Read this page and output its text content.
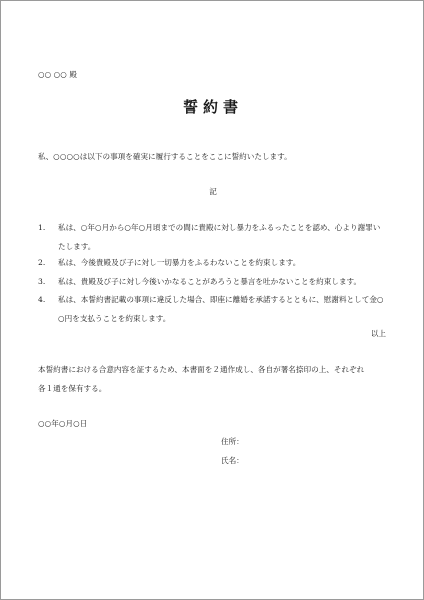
○○ ○○ 殿
誓約書
私、○○○○は以下の事項を確実に履行することをここに誓約いたします。
記
1. 私は、○年○月から○年○月頃までの間に貴殿に対し暴力をふるったことを認め、心より謝罪い
たします。
2. 私は、今後貴殿及び子に対し一切暴力をふるわないことを約束します。
3. 私は、貴殿及び子に対し今後いかなることがあろうと暴言を吐かないことを約束します。
4. 私は、本誓約書記載の事項に違反した場合、即座に離婚を承諾するとともに、慰謝料として金○
○円を支払うことを約束します。
以上
本誓約書における合意内容を証するため、本書面を２通作成し、各自が署名捺印の上、それぞれ
各１通を保有する。
○○年○月○日
住所：
氏名：
